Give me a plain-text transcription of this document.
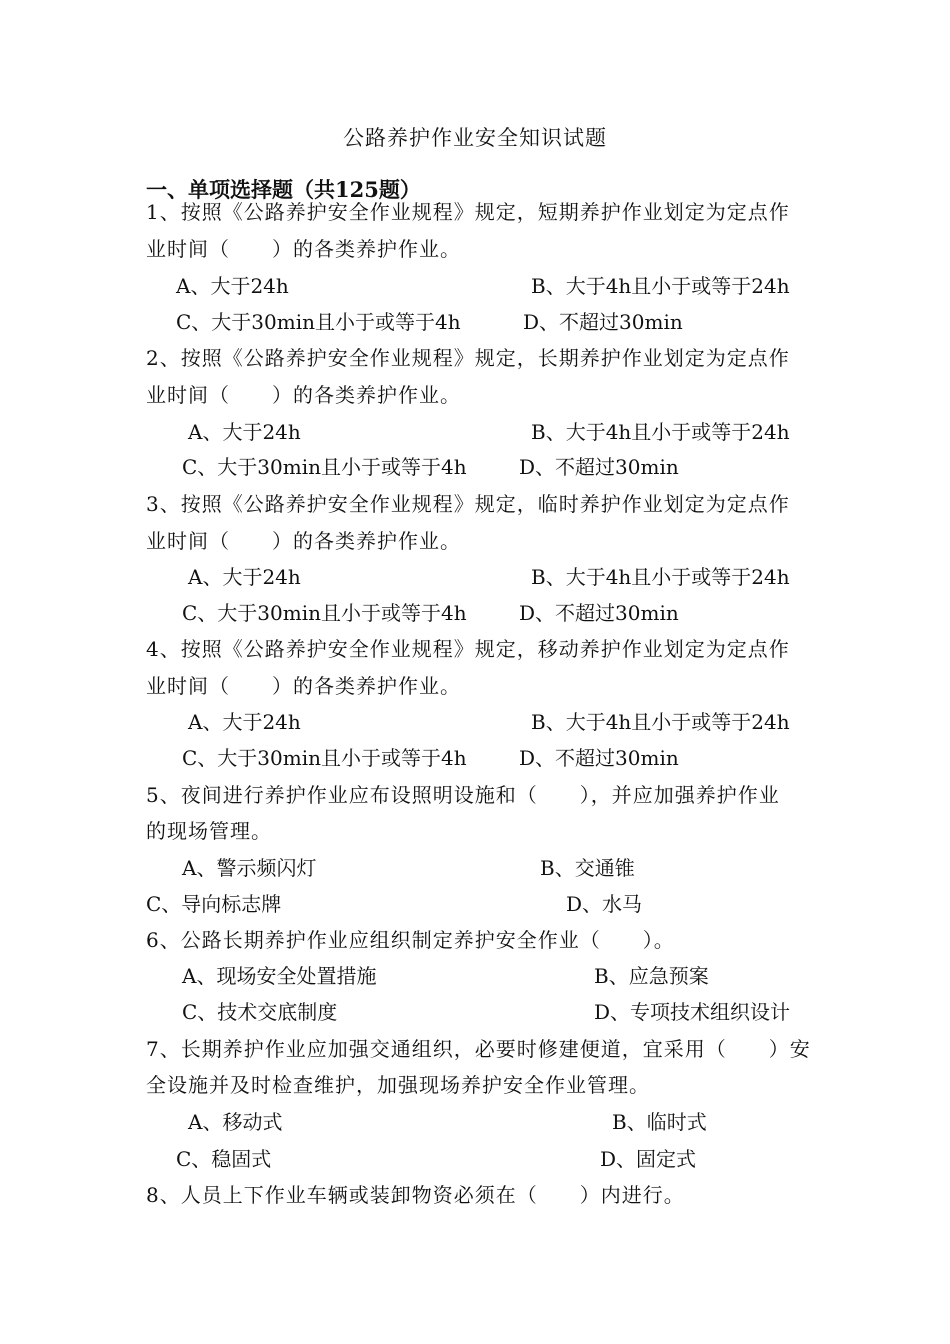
公路养护作业安全知识试题
一、单项选择题（共125题）
1、按照《公路养护安全作业规程》规定，短期养护作业划定为定点作
业时间（　　）的各类养护作业。
A、大于24h	B、大于4h且小于或等于24h
C、大于30min且小于或等于4h	D、不超过30min
2、按照《公路养护安全作业规程》规定，长期养护作业划定为定点作
业时间（　　）的各类养护作业。
A、大于24h	B、大于4h且小于或等于24h
C、大于30min且小于或等于4h	D、不超过30min
3、按照《公路养护安全作业规程》规定，临时养护作业划定为定点作
业时间（　　）的各类养护作业。
A、大于24h	B、大于4h且小于或等于24h
C、大于30min且小于或等于4h	D、不超过30min
4、按照《公路养护安全作业规程》规定，移动养护作业划定为定点作
业时间（　　）的各类养护作业。
A、大于24h	B、大于4h且小于或等于24h
C、大于30min且小于或等于4h	D、不超过30min
5、夜间进行养护作业应布设照明设施和（　　），并应加强养护作业
的现场管理。
A、警示频闪灯	B、交通锥
C、导向标志牌	D、水马
6、公路长期养护作业应组织制定养护安全作业（　　）。
A、现场安全处置措施	B、应急预案
C、技术交底制度	D、专项技术组织设计
7、长期养护作业应加强交通组织，必要时修建便道，宜采用（　　）安
全设施并及时检查维护，加强现场养护安全作业管理。
A、移动式	B、临时式
C、稳固式	D、固定式
8、人员上下作业车辆或装卸物资必须在（　　）内进行。
